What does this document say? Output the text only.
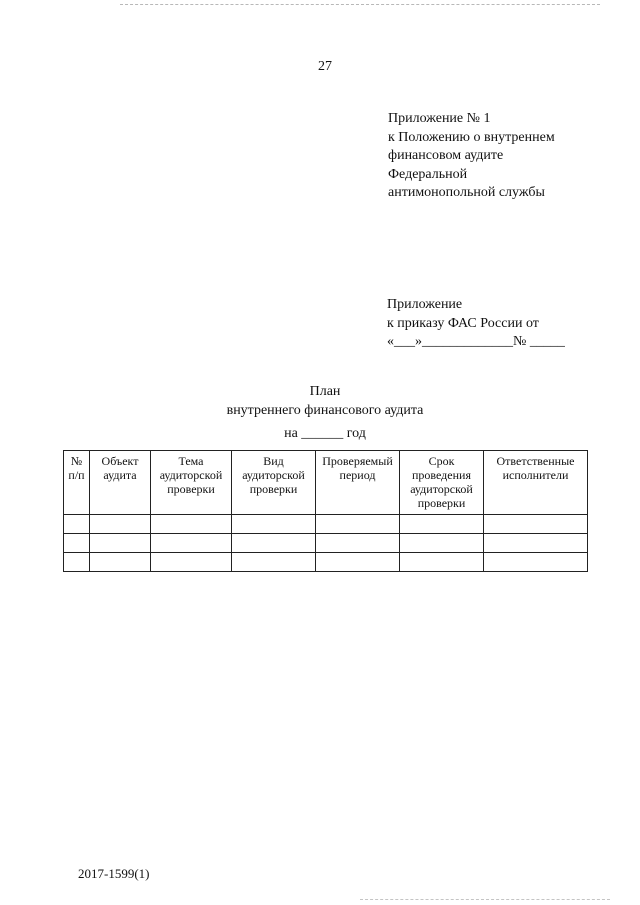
27
Приложение № 1
к Положению о внутреннем
финансовом аудите
Федеральной
антимонопольной службы
Приложение
к приказу ФАС России от
«___»_____________№ _____
План
внутреннего финансового аудита
на ______ год
№ п/п	Объект аудита	Тема аудиторской проверки	Вид аудиторской проверки	Проверяемый период	Срок проведения аудиторской проверки	Ответственные исполнители

2017-1599(1)
